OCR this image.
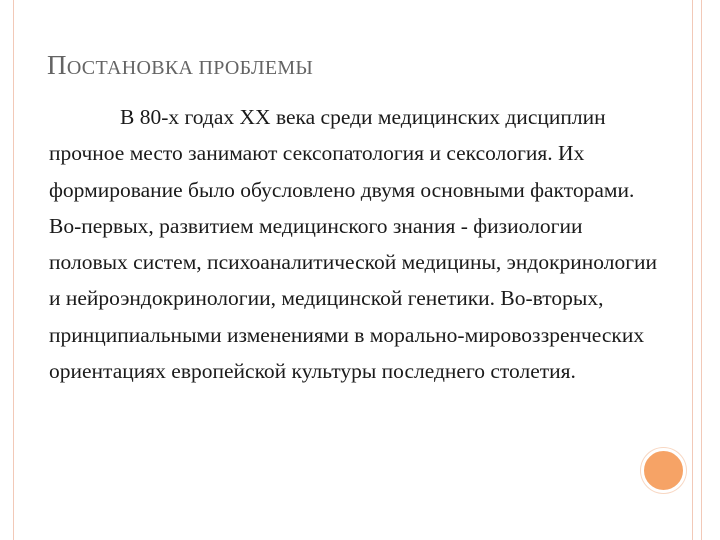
ПОСТАНОВКА ПРОБЛЕМЫ

В 80-х годах XX века среди медицинских дисциплин прочное место занимают сексопатология и сексология. Их формирование было обусловлено двумя основными факторами. Во-первых, развитием медицинского знания - физиологии половых систем, психоаналитической медицины, эндокринологии и нейроэндокринологии, медицинской генетики. Во-вторых, принципиальными изменениями в морально-мировоззренческих ориентациях европейской культуры последнего столетия.
